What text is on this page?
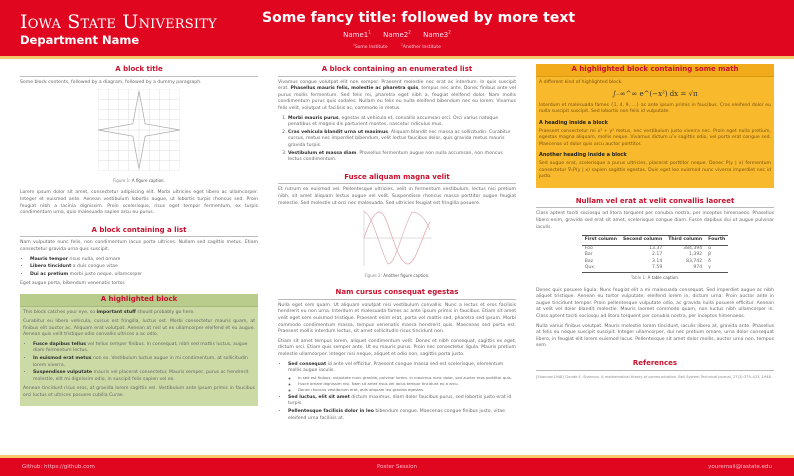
Iowa State University
Department Name
Some fancy title: followed by more text
$Name1^1$ $Name2^2$ $Name3^2$
$^1$Some Institute $^2$Another Institute
A block title

Some block contents, followed by a diagram, followed by a dummy paragraph.

Figure 1: A figure caption.

Lorem ipsum dolor sit amet, consectetur adipiscing elit. Morbi ultricies eget libero ac ullamcorper. Integer et euismod ante. Aenean vestibulum lobortis augue, ut lobortis turpis rhoncus sed. Proin feugiat nibh a lacinia dignissim. Proin scelerisque, risus eget tempor fermentum, ex turpis condimentum urna, quis malesuada sapien arcu eu purus.

A block containing a list

Nam vulputate nunc felis, non condimentum lacus porta ultrices. Nullam sed sagittis metus. Etiam consectetur gravida urna quis suscipit.

• Mauris tempor risus nulla, sed ornare
• Libero tincidunt a duis congue vitae
• Dui ac pretium morbi justo neque, ullamcorper

Eget augue porta, bibendum venenatis tortor.

A highlighted block

This block catches your eye, so important stuff should probably go here.

Curabitur eu libero vehicula, cursus est fringilla, luctus est. Morbi consectetur mauris quam, at finibus elit auctor ac. Aliquam erat volutpat. Aenean at nisl ut ex ullamcorper eleifend et eu augue. Aenean quis velit tristique odio convallis ultrices a ac odio.

• Fusce dapibus tellus vel tellus semper finibus. In consequat, nibh sed mattis luctus, augue diam fermentum lectus.
• In euismod erat metus non ex. Vestibulum luctus augue in mi condimentum, at sollicitudin lorem viverra.
• Suspendisse vulputate mauris vel placerat consectetur. Mauris semper, purus ac hendrerit molestie, elit mi dignissim odio, in suscipit felis sapien vel ex.

Aenean tincidunt risus eros, at gravida lorem sagittis vel. Vestibulum ante ipsum primis in faucibus orci luctus et ultrices posuere cubilia Curae.

A block containing an enumerated list

Vivamus congue volutpat elit non semper. Praesent molestie nec erat ac interdum. In quis suscipit erat. Phasellus mauris felis, molestie ac pharetra quis, tempus nec ante. Donec finibus ante vel purus mollis fermentum. Sed felis mi, pharetra eget nibh a, feugiat eleifend dolor. Nam mollis condimentum purus quis sodales. Nullam eu felis eu nulla eleifend bibendum nec eu lorem. Vivamus felis velit, volutpat ut facilisis ac, commodo in metus.

1. Morbi mauris purus, egestas at vehicula et, convallis accumsan orci. Orci varius natoque penatibus et magnis dis parturient montes, nascetur ridiculus mus.
2. Cras vehicula blandit urna ut maximus. Aliquam blandit nec massa ac sollicitudin. Curabitur cursus, metus nec imperdiet bibendum, velit lectus faucibus dolor, quis gravida metus mauris gravida turpis.
3. Vestibulum et massa diam. Phasellus fermentum augue non nulla accumsan, non rhoncus lectus condimentum.
Fusce aliquam magna velit

Et rutrum ex euismod vel. Pellentesque ultricies, velit in fermentum vestibulum, lectus nisi pretium nibh, sit amet aliquam lectus augue vel velit. Suspendisse rhoncus massa porttitor augue feugiat molestie. Sed molestie ut orci nec malesuada. Sed ultricies feugiat est fringilla posuere.

Figure 2: Another figure caption.
Nam cursus consequat egestas

Nulla eget sem quam. Ut aliquam volutpat nisi vestibulum convallis. Nunc a lectus et eros facilisis hendrerit eu non urna. Interdum et malesuada fames ac ante ipsum primis in faucibus. Etiam sit amet velit eget sem euismod tristique. Praesent enim erat, porta vel mattis sed, pharetra sed ipsum. Morbi commodo condimentum massa, tempus venenatis massa hendrerit quis. Maecenas sed porta est. Praesent mollis interdum lectus, sit amet sollicitudin risus tincidunt non.

Etiam sit amet tempus lorem, aliquet condimentum velit. Donec et nibh consequat, sagittis ex eget, dictum orci. Etiam quis semper ante. Ut eu mauris purus. Proin nec consectetur ligula. Mauris pretium molestie ullamcorper. Integer nisi neque, aliquet et odio non, sagittis porta justo.

• Sed consequat id ante vel efficitur. Praesent congue massa sed est scelerisque, elementum mollis augue iaculis.
◦ In sed est finibus, vulputate nunc gravida, pulvinar lorem. In maximus nunc dolor, sed auctor eros porttitor quis.
◦ Fusce ornare dignissim nisi. Nam sit amet risus vel lacus tempor tincidunt eu a arcu.
◦ Donec rhoncus vestibulum erat, quis aliquam leo gravida egestas.
• Sed luctus, elit sit amet dictum maximus, diam dolor faucibus purus, sed lobortis justo erat id turpis.
• Pellentesque facilisis dolor in leo bibendum congue. Maecenas congue finibus justo, vitae eleifend urna facilisis at.
A highlighted block containing some math

A different kind of highlighted block.

∫₋∞^∞ e^(−x²) dx = √π

Interdum et malesuada fames {1, 4, 9, …} ac ante ipsum primis in faucibus. Cras eleifend dolor eu nulla suscipit suscipit. Sed lobortis non felis id vulputate.

A heading inside a block

Praesent consectetur mi x² + y² metus, nec vestibulum justo viverra nec. Proin eget nulla pretium, egestas magna aliquam, mollis neque. Vivamus dictum uᵀv sagittis odio, vel porta erat congue sed. Maecenas ut dolor quis arcu auctor porttitor.

Another heading inside a block

Sed augue erat, scelerisque a purus ultricies, placerat porttitor neque. Donec P(y | x) fermentum consectetur ∇ₓP(y | x) sapien sagittis egestas. Duis eget leo euismod nunc viverra imperdiet nec id justo.

Nullam vel erat at velit convallis laoreet

Class aptent taciti sociosqu ad litora torquent per conubia nostra, per inceptos himenaeos. Phasellus libero enim, gravida sed erat sit amet, scelerisque congue diam. Fusce dapibus dui ut augue pulvinar iaculis.

First column	Second column	Third column	Fourth
Foo	13.37	384,394	α
Bar	2.17	1,392	β
Baz	3.14	83,742	δ
Qux	7.59	974	γ
Table 1: A table caption.

Donec quis posuere ligula. Nunc feugiat elit a mi malesuada consequat. Sed imperdiet augue ac nibh aliquet tristique. Aenean eu tortor vulputate, eleifend lorem in, dictum urna. Proin auctor ante in augue tincidunt tempor. Proin pellentesque vulputate odio, ac gravida nulla posuere efficitur. Aenean at velit vel dolor blandit molestie. Mauris laoreet commodo quam, non luctus nibh ullamcorper in. Class aptent taciti sociosqu ad litora torquent per conubia nostra, per inceptos himenaeos.

Nulla varius finibus volutpat. Mauris molestie lorem tincidunt, iaculis libero at, gravida ante. Phasellus at felis eu neque suscipit suscipit. Integer ullamcorper, dui nec pretium ornare, urna dolor consequat libero, in feugiat elit lorem euismod lacus. Pellentesque sit amet dolor mollis, auctor urna non, tempus sem.

References

[Shannon1948] Claude E. Shannon. A mathematical theory of communication. Bell System Technical Journal, 27(3):379–423, 1948.

Github: https://github.com	Poster Session	youremail@iastate.edu
